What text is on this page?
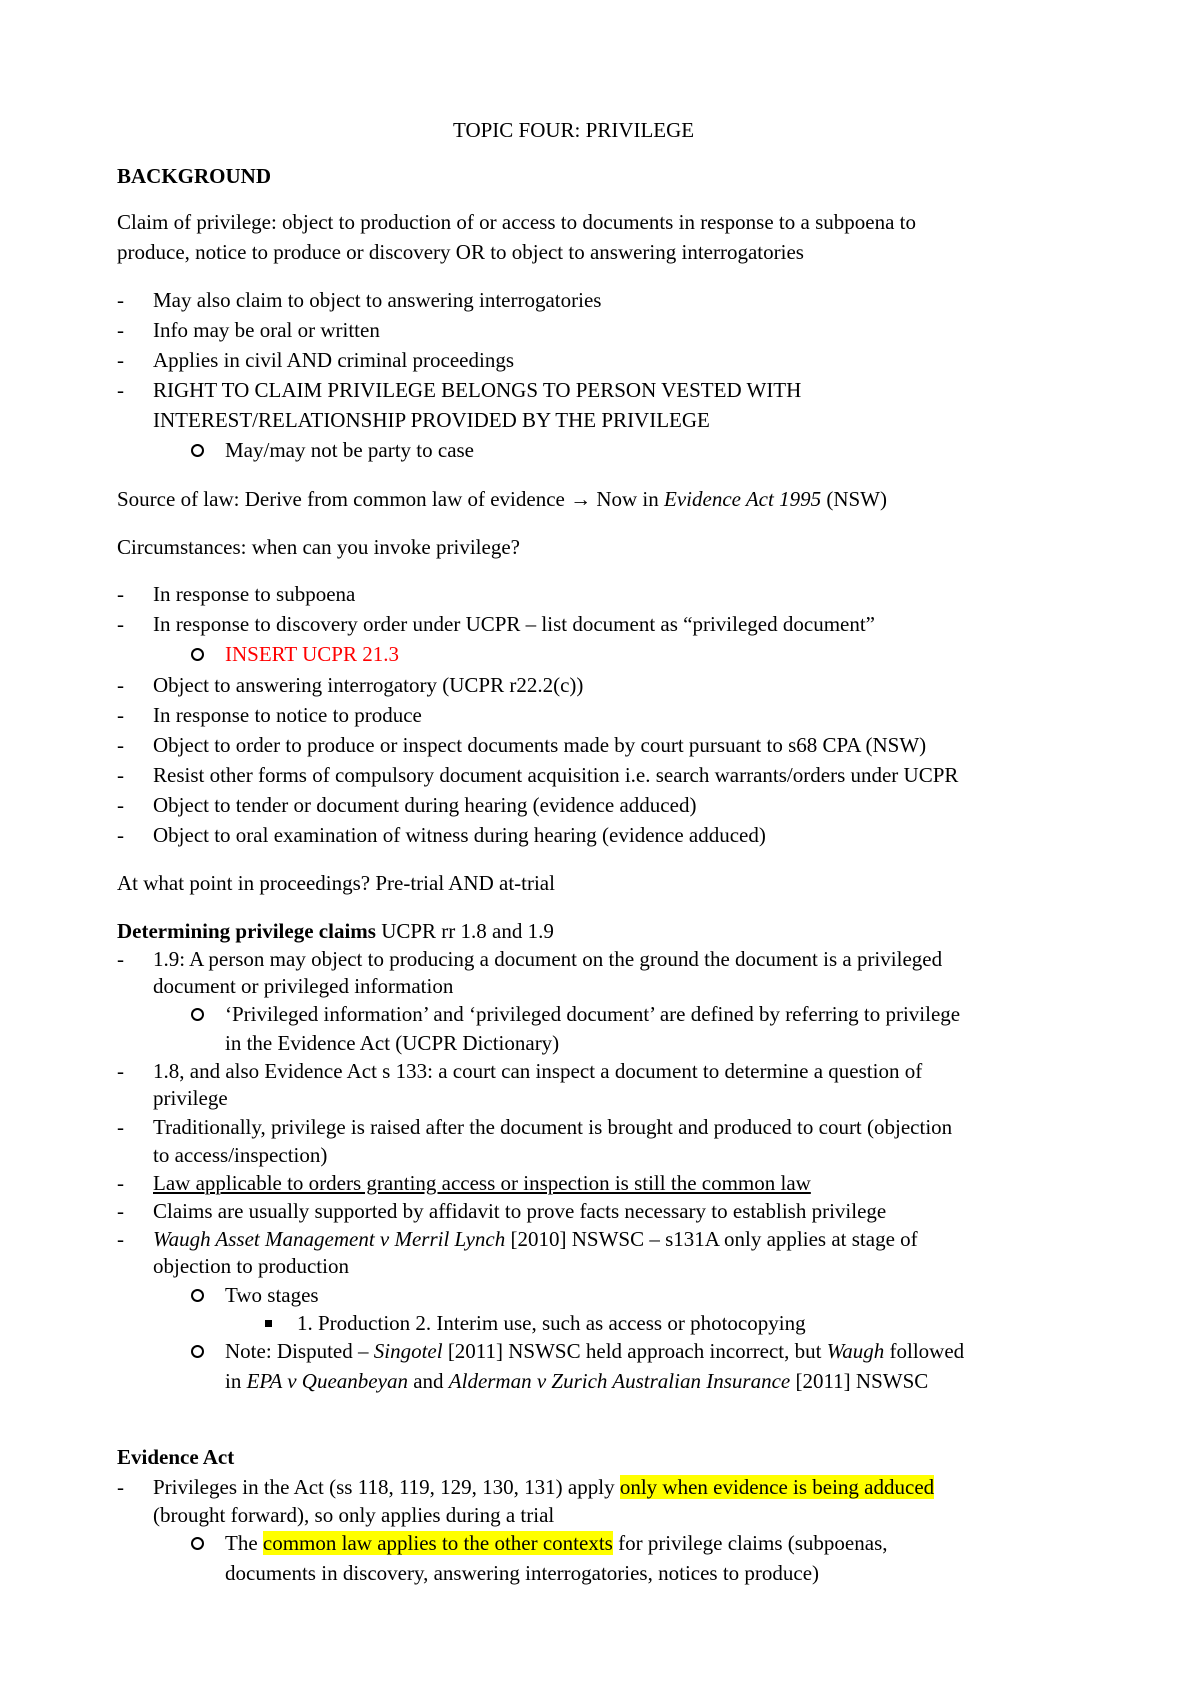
TOPIC FOUR: PRIVILEGE
BACKGROUND
Claim of privilege: object to production of or access to documents in response to a subpoena to
produce, notice to produce or discovery OR to object to answering interrogatories
- May also claim to object to answering interrogatories
- Info may be oral or written
- Applies in civil AND criminal proceedings
- RIGHT TO CLAIM PRIVILEGE BELONGS TO PERSON VESTED WITH
INTEREST/RELATIONSHIP PROVIDED BY THE PRIVILEGE
May/may not be party to case
Source of law: Derive from common law of evidence → Now in Evidence Act 1995 (NSW)
Circumstances: when can you invoke privilege?
- In response to subpoena
- In response to discovery order under UCPR – list document as “privileged document”
INSERT UCPR 21.3
- Object to answering interrogatory (UCPR r22.2(c))
- In response to notice to produce
- Object to order to produce or inspect documents made by court pursuant to s68 CPA (NSW)
- Resist other forms of compulsory document acquisition i.e. search warrants/orders under UCPR
- Object to tender or document during hearing (evidence adduced)
- Object to oral examination of witness during hearing (evidence adduced)
At what point in proceedings? Pre-trial AND at-trial
Determining privilege claims UCPR rr 1.8 and 1.9
- 1.9: A person may object to producing a document on the ground the document is a privileged
document or privileged information
‘Privileged information’ and ‘privileged document’ are defined by referring to privilege
in the Evidence Act (UCPR Dictionary)
- 1.8, and also Evidence Act s 133: a court can inspect a document to determine a question of
privilege
- Traditionally, privilege is raised after the document is brought and produced to court (objection
to access/inspection)
- Law applicable to orders granting access or inspection is still the common law
- Claims are usually supported by affidavit to prove facts necessary to establish privilege
- Waugh Asset Management v Merril Lynch [2010] NSWSC – s131A only applies at stage of
objection to production
Two stages
1. Production 2. Interim use, such as access or photocopying
Note: Disputed – Singotel [2011] NSWSC held approach incorrect, but Waugh followed
in EPA v Queanbeyan and Alderman v Zurich Australian Insurance [2011] NSWSC
Evidence Act
- Privileges in the Act (ss 118, 119, 129, 130, 131) apply only when evidence is being adduced
(brought forward), so only applies during a trial
The common law applies to the other contexts for privilege claims (subpoenas,
documents in discovery, answering interrogatories, notices to produce)
